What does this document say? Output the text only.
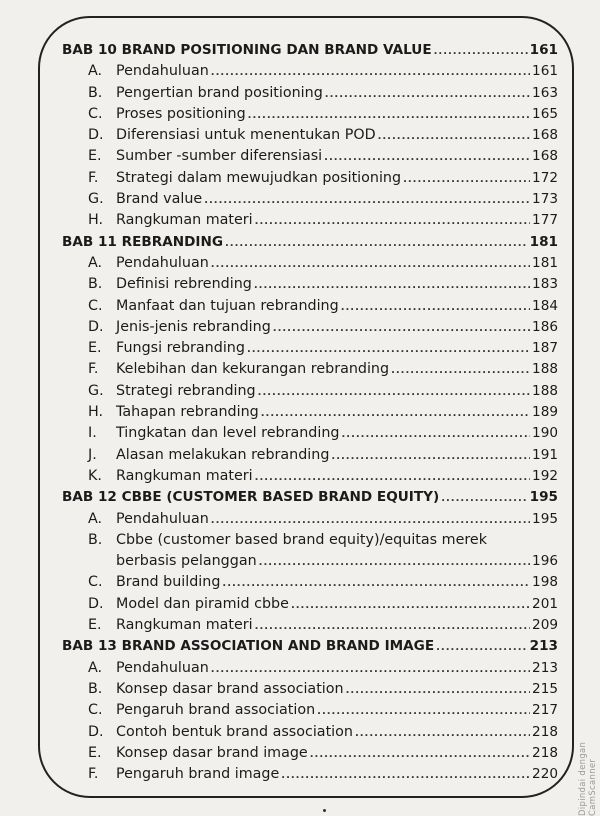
BAB 10 BRAND POSITIONING DAN BRAND VALUE .....	161
A. Pendahuluan .....	161
B. Pengertian brand positioning .....	163
C. Proses positioning .....	165
D. Diferensiasi untuk menentukan POD .....	168
E.	Sumber -sumber diferensiasi .....	168
F.	Strategi dalam mewujudkan positioning .....	172
G. Brand value .....	173
H. Rangkuman materi .....	177
BAB 11 REBRANDING .....	181
A. Pendahuluan .....	181
B. Definisi rebrending .....	183
C. Manfaat dan tujuan rebranding .....	184
D. Jenis-jenis rebranding .....	186
E.	Fungsi rebranding .....	187
F.	Kelebihan dan kekurangan rebranding .....	188
G. Strategi rebranding .....	188
H. Tahapan rebranding .....	189
I.	Tingkatan dan level rebranding .....	190
J.	Alasan melakukan rebranding .....	191
K. Rangkuman materi .....	192
BAB 12 CBBE (CUSTOMER BASED BRAND EQUITY) .....	195
A. Pendahuluan .....	195
B. Cbbe (customer based brand equity)/equitas merek
berbasis pelanggan .....	196
C. Brand building .....	198
D. Model dan piramid cbbe .....	201
E.	Rangkuman materi .....	209
BAB 13 BRAND ASSOCIATION AND BRAND IMAGE .....	213
A. Pendahuluan .....	213
B. Konsep dasar brand association .....	215
C. Pengaruh brand association .....	217
D. Contoh bentuk brand association .....	218
E.	Konsep dasar brand image .....	218
F.	Pengaruh brand image .....	220 Dipindai dengan CamScanner
